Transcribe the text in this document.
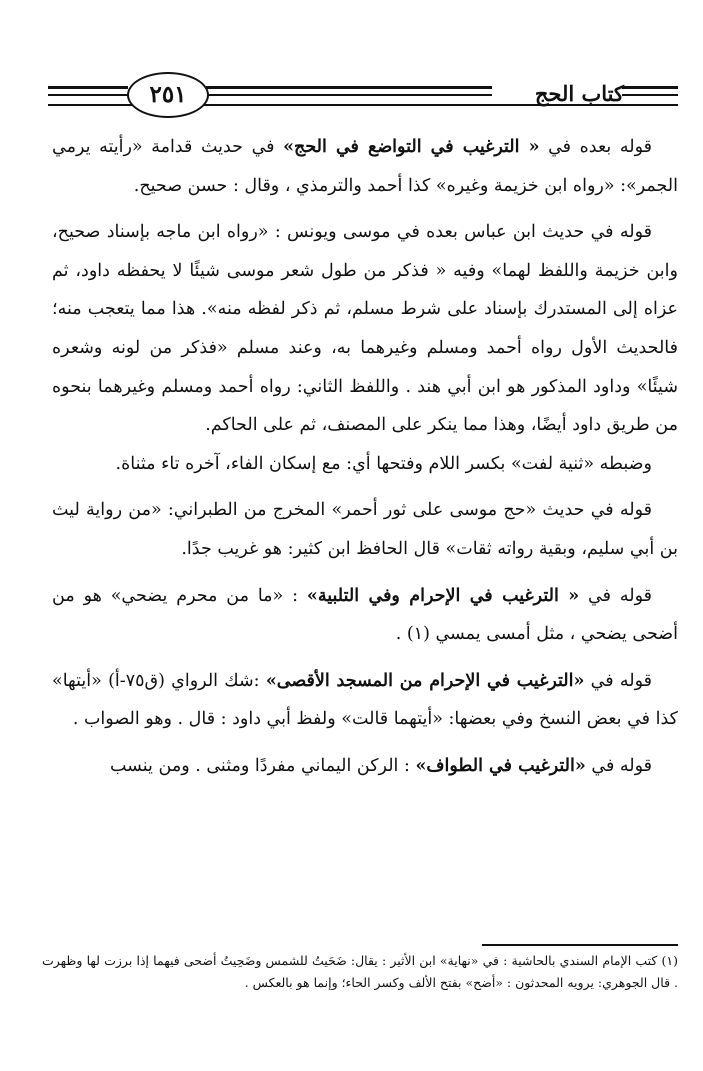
٢٥١	كتاب الحج

قوله بعده في « الترغيب في التواضع في الحج» في حديث قدامة «رأيته يرمي الجمر»: «رواه ابن خزيمة وغيره» كذا أحمد والترمذي ، وقال : حسن صحيح.

قوله في حديث ابن عباس بعده في موسى ويونس : «رواه ابن ماجه بإسناد صحيح، وابن خزيمة واللفظ لهما» وفيه « فذكر من طول شعر موسى شيئًا لا يحفظه داود، ثم عزاه إلى المستدرك بإسناد على شرط مسلم، ثم ذكر لفظه منه». هذا مما يتعجب منه؛ فالحديث الأول رواه أحمد ومسلم وغيرهما به، وعند مسلم «فذكر من لونه وشعره شيئًا» وداود المذكور هو ابن أبي هند . واللفظ الثاني: رواه أحمد ومسلم وغيرهما بنحوه من طريق داود أيضًا، وهذا مما ينكر على المصنف، ثم على الحاكم.

وضبطه «ثنية لفت» بكسر اللام وفتحها أي: مع إسكان الفاء، آخره تاء مثناة.

قوله في حديث «حج موسى على ثور أحمر» المخرج من الطبراني: «من رواية ليث بن أبي سليم، وبقية رواته ثقات» قال الحافظ ابن كثير: هو غريب جدًا.

قوله في « الترغيب في الإحرام وفي التلبية» : «ما من محرم يضحي» هو من أضحى يضحي ، مثل أمسى يمسي (١) .

قوله في «الترغيب في الإحرام من المسجد الأقصى» :شك الرواي (ق٧٥-أ) «أيتها» كذا في بعض النسخ وفي بعضها: «أيتهما قالت» ولفظ أبي داود : قال . وهو الصواب .

قوله في «الترغيب في الطواف» : الركن اليماني مفردًا ومثنى . ومن ينسب

(١) كتب الإمام السندي بالحاشية : في «نهاية» ابن الأثير : يقال: ضَحَيتُ للشمس وضَحِيتُ أضحى فيهما إذا برزت لها وظهرت . قال الجوهري: يرويه المحدثون : «أضح» بفتح الألف وكسر الحاء؛ وإنما هو بالعكس .
